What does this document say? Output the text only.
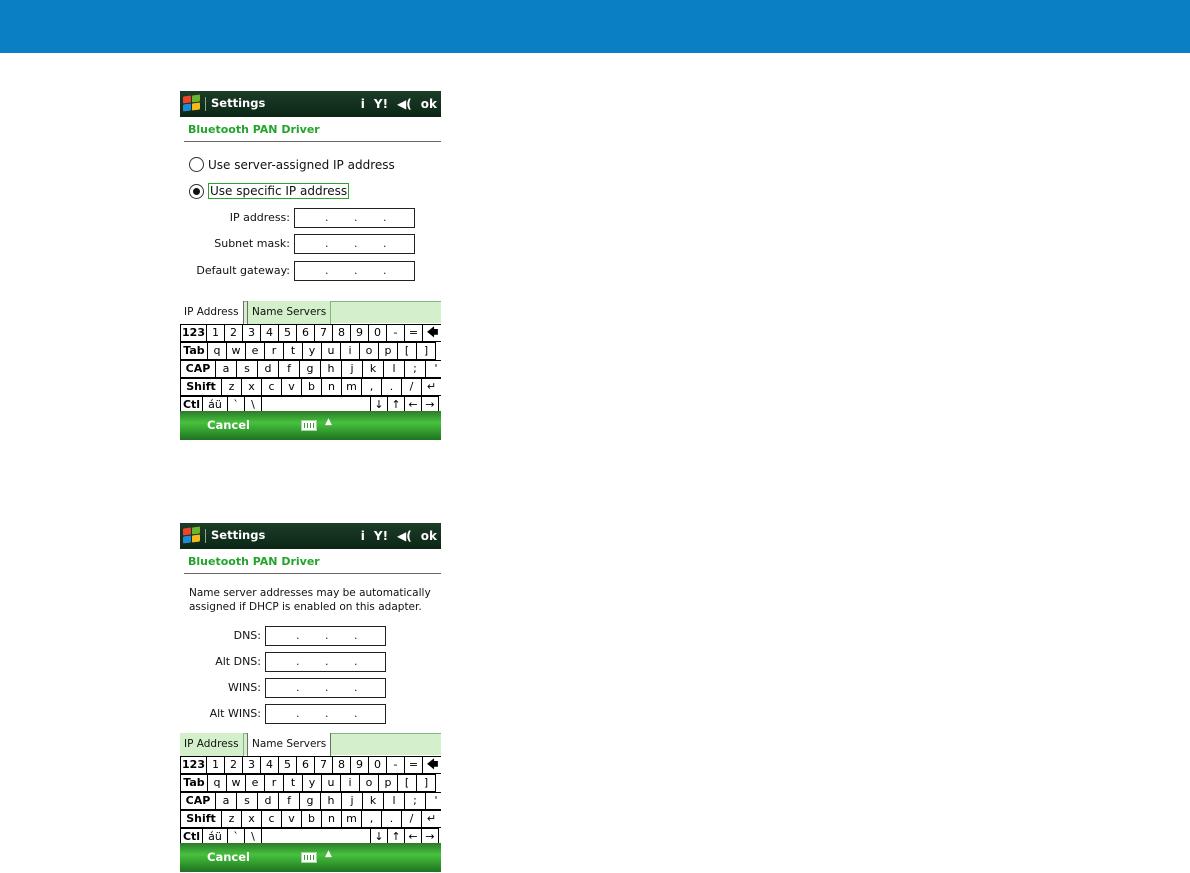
Settings	i Y! ◀( ok
Bluetooth PAN Driver
Use server-assigned IP address
Use specific IP address
IP address:	. . .
Subnet mask:	. . .
Default gateway:	. . .
IP Address	Name Servers
123 1	2	3	4	5	6	7	8	9	0	-	= 🡄
Tab q	w	e	r	t	y	u	i	o	p	[	]
CAP	a	s	d	f	g	h	j	k	l	;	'
Shift	z	x	c	v	b	n	m	,	.	/	↵
Ctl áü	`	\	↓ ↑ ← →
Cancel	▲
Settings	i Y! ◀( ok
Bluetooth PAN Driver
Name server addresses may be automatically assigned if DHCP is enabled on this adapter.
DNS:	. . .
Alt DNS:	. . .
WINS:	. . .
Alt WINS:	. . .
IP Address	Name Servers
123 1	2	3	4	5	6	7	8	9	0	-	= 🡄
Tab q	w	e	r	t	y	u	i	o	p	[	]
CAP	a	s	d	f	g	h	j	k	l	;	'
Shift	z	x	c	v	b	n	m	,	.	/	↵
Ctl áü	`	\	↓ ↑ ← →
Cancel	▲
